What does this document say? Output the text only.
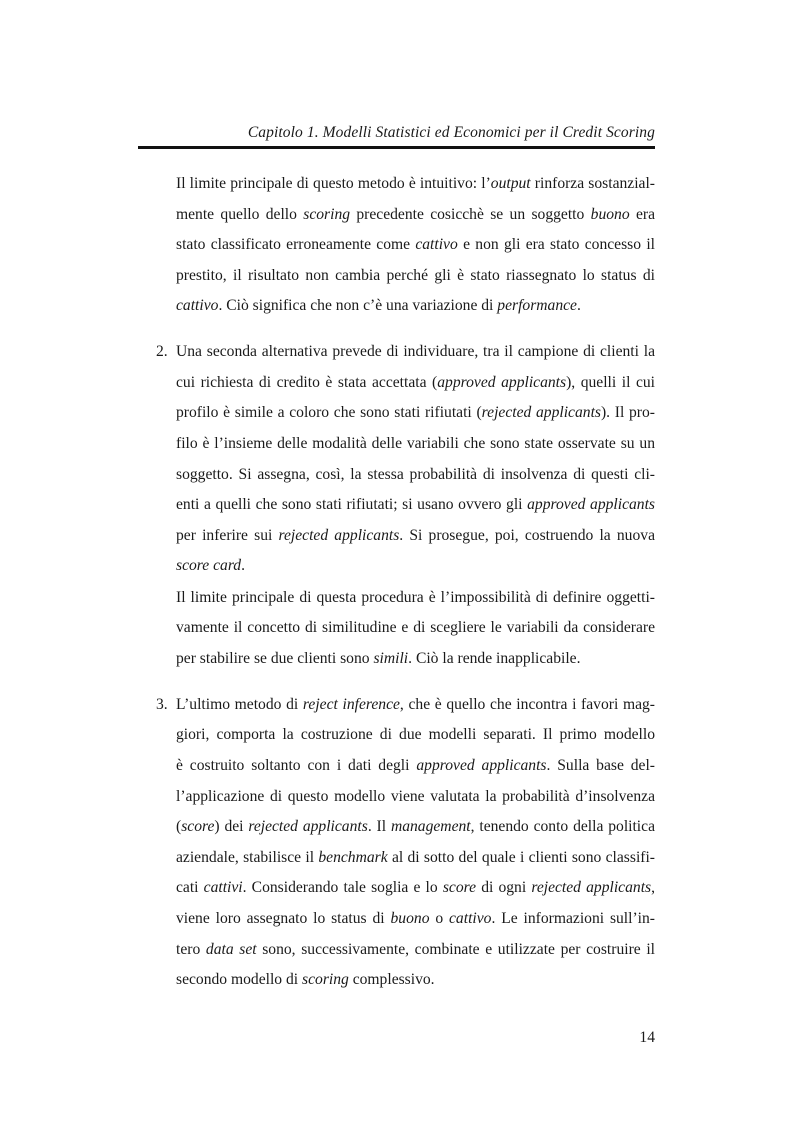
Capitolo 1. Modelli Statistici ed Economici per il Credit Scoring
Il limite principale di questo metodo è intuitivo: l’output rinforza sostanzial-
mente quello dello scoring precedente cosicchè se un soggetto buono era
stato classificato erroneamente come cattivo e non gli era stato concesso il
prestito, il risultato non cambia perché gli è stato riassegnato lo status di
cattivo. Ciò significa che non c’è una variazione di performance.
2. Una seconda alternativa prevede di individuare, tra il campione di clienti la
cui richiesta di credito è stata accettata (approved applicants), quelli il cui
profilo è simile a coloro che sono stati rifiutati (rejected applicants). Il pro-
filo è l’insieme delle modalità delle variabili che sono state osservate su un
soggetto. Si assegna, così, la stessa probabilità di insolvenza di questi cli-
enti a quelli che sono stati rifiutati; si usano ovvero gli approved applicants
per inferire sui rejected applicants. Si prosegue, poi, costruendo la nuova
score card.
Il limite principale di questa procedura è l’impossibilità di definire oggetti-
vamente il concetto di similitudine e di scegliere le variabili da considerare
per stabilire se due clienti sono simili. Ciò la rende inapplicabile.
3. L’ultimo metodo di reject inference, che è quello che incontra i favori mag-
giori, comporta la costruzione di due modelli separati. Il primo modello
è costruito soltanto con i dati degli approved applicants. Sulla base del-
l’applicazione di questo modello viene valutata la probabilità d’insolvenza
(score) dei rejected applicants. Il management, tenendo conto della politica
aziendale, stabilisce il benchmark al di sotto del quale i clienti sono classifi-
cati cattivi. Considerando tale soglia e lo score di ogni rejected applicants,
viene loro assegnato lo status di buono o cattivo. Le informazioni sull’in-
tero data set sono, successivamente, combinate e utilizzate per costruire il
secondo modello di scoring complessivo.
14
